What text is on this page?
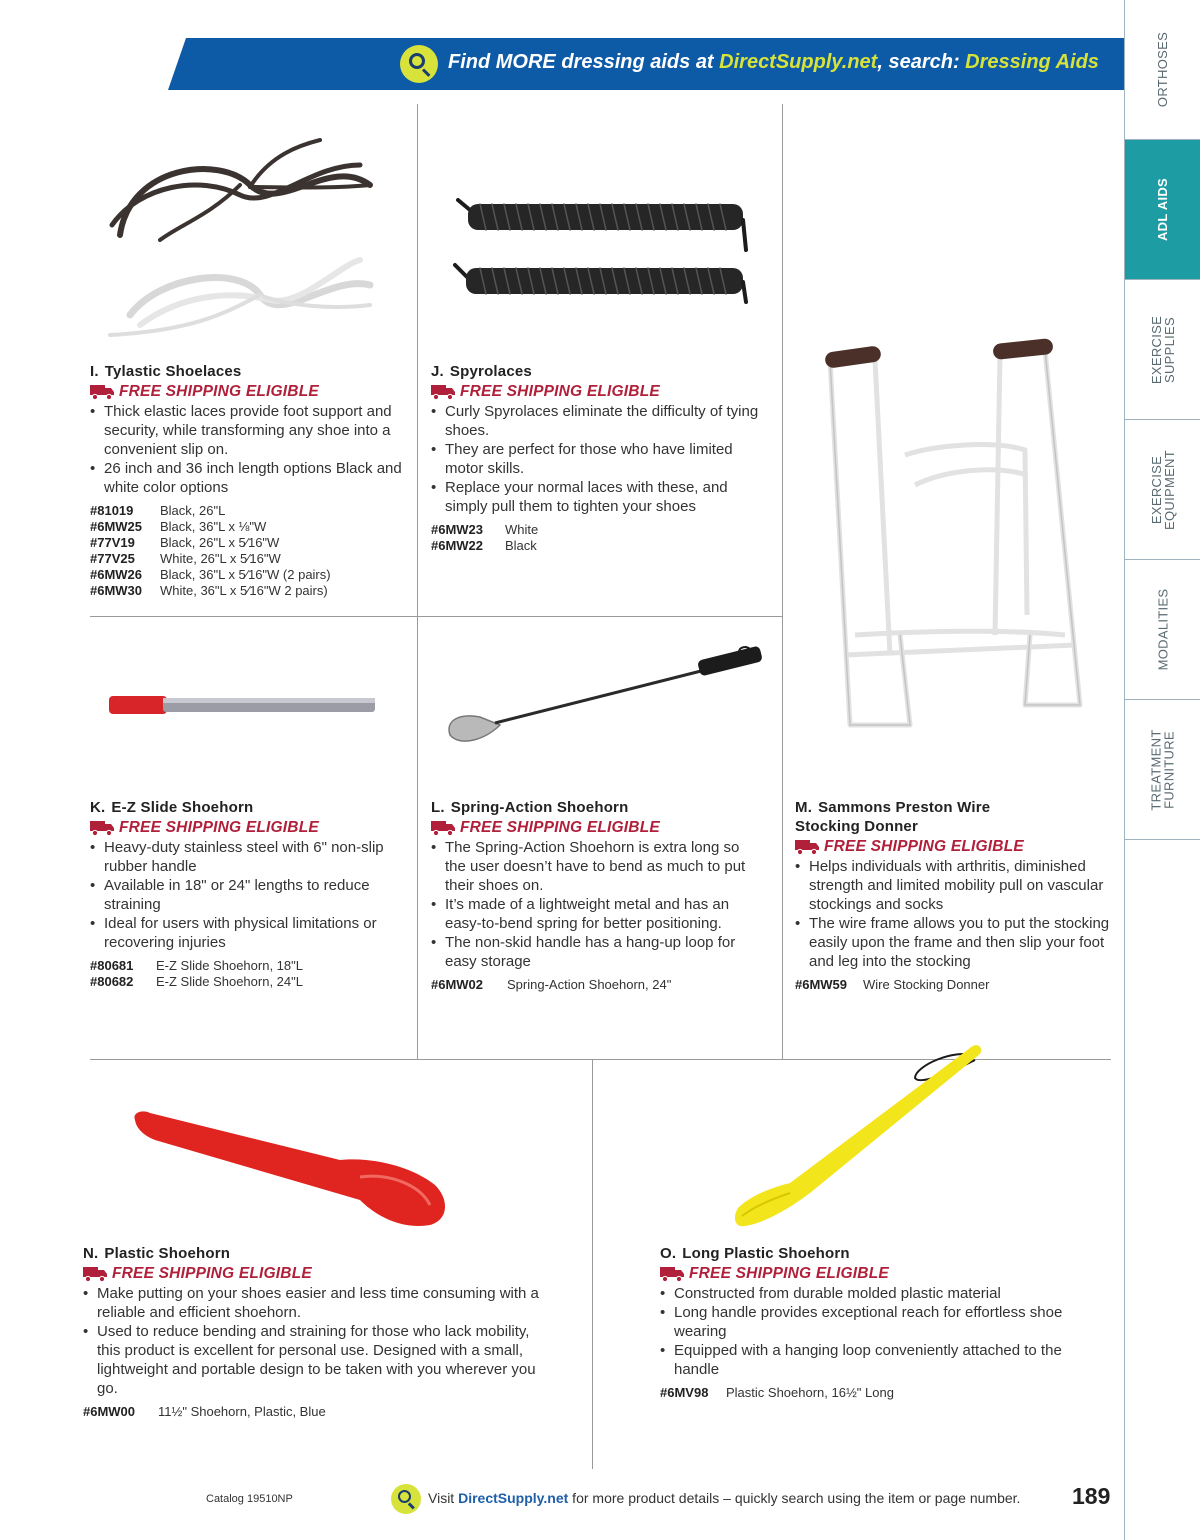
Find MORE dressing aids at DirectSupply.net, search: Dressing Aids	ORTHOSES
ADL AIDS
EXERCISE
SUPPLIES
EXERCISE
EQUIPMENT
MODALITIES
TREATMENT
FURNITURE
I. Tylastic Shoelaces
FREE SHIPPING ELIGIBLE
• Thick elastic laces provide foot support and security, while transforming any shoe into a convenient slip on.
• 26 inch and 36 inch length options Black and white color options
#81019	Black, 26"L
#6MW25	Black, 36"L x ⅛"W
#77V19	Black, 26"L x 5⁄16"W
#77V25	White, 26"L x 5⁄16"W
#6MW26	Black, 36"L x 5⁄16"W (2 pairs)
#6MW30	White, 36"L x 5⁄16"W 2 pairs)
J. Spyrolaces
FREE SHIPPING ELIGIBLE
• Curly Spyrolaces eliminate the difficulty of tying shoes.
• They are perfect for those who have limited motor skills.
• Replace your normal laces with these, and simply pull them to tighten your shoes
#6MW23	White
#6MW22	Black
K. E-Z Slide Shoehorn
FREE SHIPPING ELIGIBLE
• Heavy-duty stainless steel with 6" non-slip rubber handle
• Available in 18" or 24" lengths to reduce straining
• Ideal for users with physical limitations or recovering injuries
#80681	E-Z Slide Shoehorn, 18"L
#80682	E-Z Slide Shoehorn, 24"L
L. Spring-Action Shoehorn
FREE SHIPPING ELIGIBLE
• The Spring-Action Shoehorn is extra long so the user doesn’t have to bend as much to put their shoes on.
• It’s made of a lightweight metal and has an easy-to-bend spring for better positioning.
• The non-skid handle has a hang-up loop for easy storage
#6MW02	Spring-Action Shoehorn, 24"
M. Sammons Preston Wire Stocking Donner
FREE SHIPPING ELIGIBLE
• Helps individuals with arthritis, diminished strength and limited mobility pull on vascular stockings and socks
• The wire frame allows you to put the stocking easily upon the frame and then slip your foot and leg into the stocking
#6MW59	Wire Stocking Donner
N. Plastic Shoehorn
FREE SHIPPING ELIGIBLE
• Make putting on your shoes easier and less time consuming with a reliable and efficient shoehorn.
• Used to reduce bending and straining for those who lack mobility, this product is excellent for personal use. Designed with a small, lightweight and portable design to be taken with you wherever you go.
#6MW00	11½" Shoehorn, Plastic, Blue
O. Long Plastic Shoehorn
FREE SHIPPING ELIGIBLE
• Constructed from durable molded plastic material
• Long handle provides exceptional reach for effortless shoe wearing
• Equipped with a hanging loop conveniently attached to the handle
#6MV98	Plastic Shoehorn, 16½" Long
Catalog 19510NP	Visit DirectSupply.net for more product details – quickly search using the item or page number. 189
